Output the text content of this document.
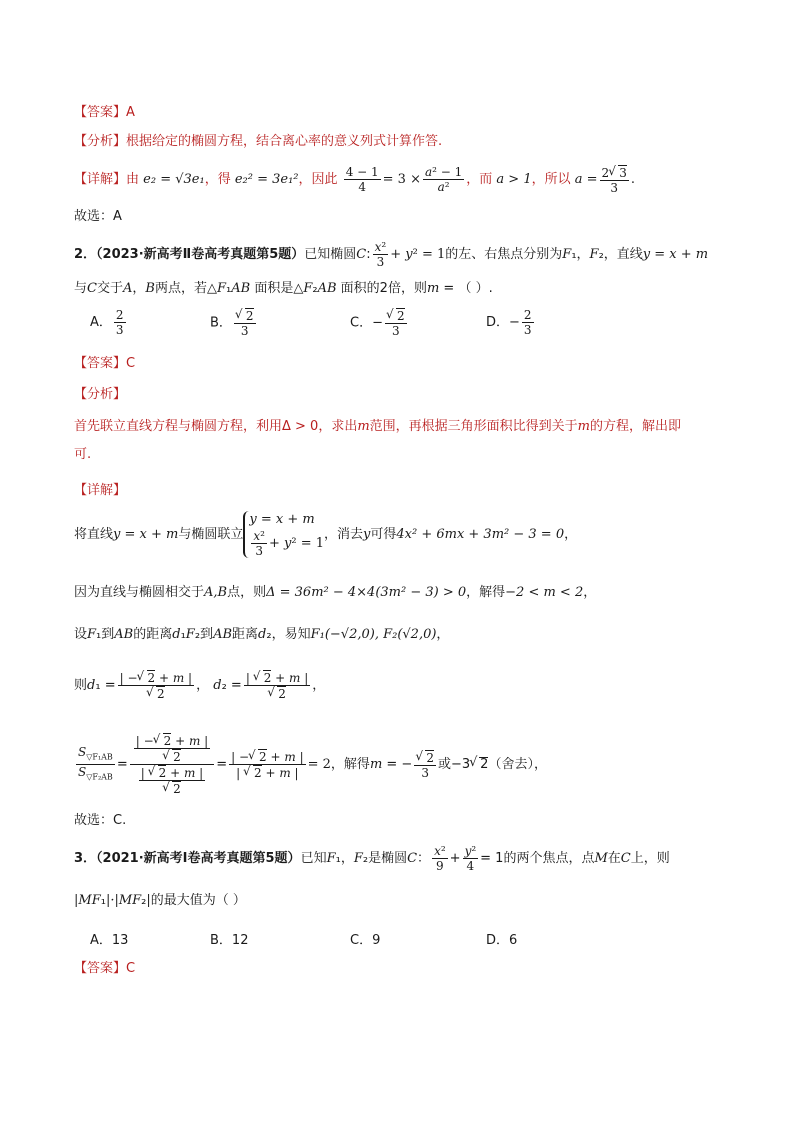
【答案】A
【分析】根据给定的椭圆方程，结合离心率的意义列式计算作答.
【详解】由 e₂ = √3e₁，得 e₂² = 3e₁²，因此 $\frac{4 - 1}{4} = 3 \times \frac{\text{a² − 1}}{\text{a²}}$ ，而 a > 1，所以 $a = \frac{2 √ 3}{3}$ .
故选：A
2．（2023·新高考Ⅱ卷高考真题第5题）已知椭圆C: $\frac{\text{x²}}{3} + y^2 = 1$的左、右焦点分别为F₁，F₂，直线y = x + m
与C交于A，B两点，若△F₁AB 面积是△F₂AB 面积的2倍，则m = （ ）.
A． $\frac{2}{3}$	B． √ $\frac{2}{3}$	C．− √ $\frac{2}{3}$	D．− $\frac{2}{3}$
【答案】C
【分析】
首先联立直线方程与椭圆方程，利用Δ > 0，求出m范围，再根据三角形面积比得到关于m的方程，解出即
可.
【详解】
将直线y = x + m与椭圆联立
y = x + m
$\frac{\text{x²}}{3} + y^2 = 1$
，消去y可得4x² + 6mx + 3m² − 3 = 0，
因为直线与椭圆相交于A,B点，则Δ = 36m² − 4×4(3m² − 3) > 0，解得−2 < m < 2，
设F₁到AB的距离d₁F₂到AB距离d₂，易知F₁(−√2,0), F₂(√2,0)，
则d₁ = | − √ 2 + m |
√ 2 ， d₂ = | √ 2 + m |
√ 2 ，
$\frac{S_{▽F_1AB}}{S_{▽F_2AB}}$ = | − √ 2 + m |
√ 2
| √ 2 + m |
√ $2 = \frac{| - √ 2 + m |}{| √ 2 + m |} = 2$，解得m = − √ $\frac{2}{3}$ 或−3 √ 2（舍去），
故选：C.
3．（2021·新高考Ⅰ卷高考真题第5题）已知F₁，F₂是椭圆C： $\frac{\text{x²}}{9} + \frac{\text{y²}}{4} = 1$的两个焦点，点M在C上，则
|MF₁|·|MF₂|的最大值为（ ）
A．13	B．12	C．9	D．6
【答案】C
